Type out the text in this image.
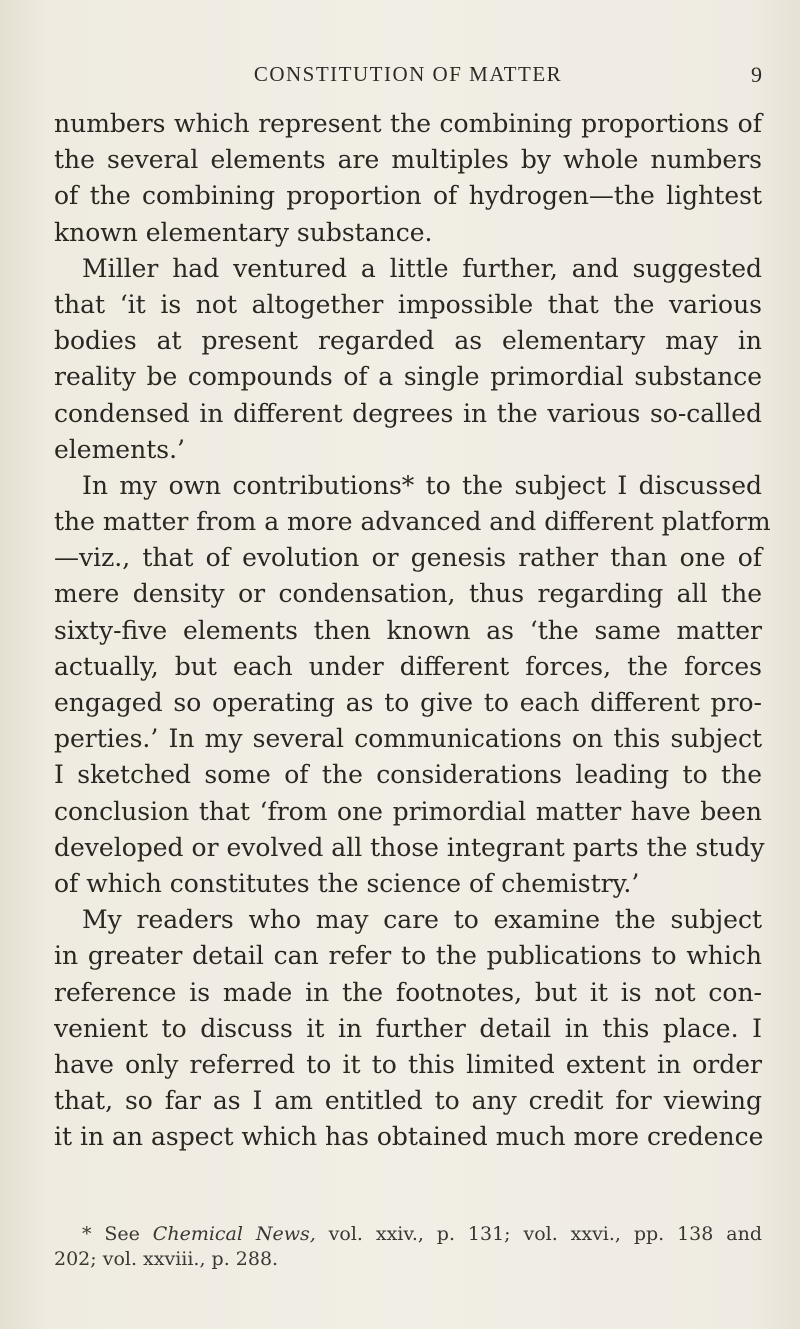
CONSTITUTION OF MATTER	9
numbers which represent the combining proportions of
the several elements are multiples by whole numbers
of the combining proportion of hydrogen—the lightest
known elementary substance.
Miller had ventured a little further, and suggested
that ‘it is not altogether impossible that the various
bodies at present regarded as elementary may in
reality be compounds of a single primordial substance
condensed in different degrees in the various so-called
elements.’
In my own contributions* to the subject I discussed
the matter from a more advanced and different platform
—viz., that of evolution or genesis rather than one of
mere density or condensation, thus regarding all the
sixty-five elements then known as ‘the same matter
actually, but each under different forces, the forces
engaged so operating as to give to each different pro-
perties.’ In my several communications on this subject
I sketched some of the considerations leading to the
conclusion that ‘from one primordial matter have been
developed or evolved all those integrant parts the study
of which constitutes the science of chemistry.’
My readers who may care to examine the subject
in greater detail can refer to the publications to which
reference is made in the footnotes, but it is not con-
venient to discuss it in further detail in this place. I
have only referred to it to this limited extent in order
that, so far as I am entitled to any credit for viewing
it in an aspect which has obtained much more credence
* See Chemical News, vol. xxiv., p. 131; vol. xxvi., pp. 138 and
202; vol. xxviii., p. 288.
